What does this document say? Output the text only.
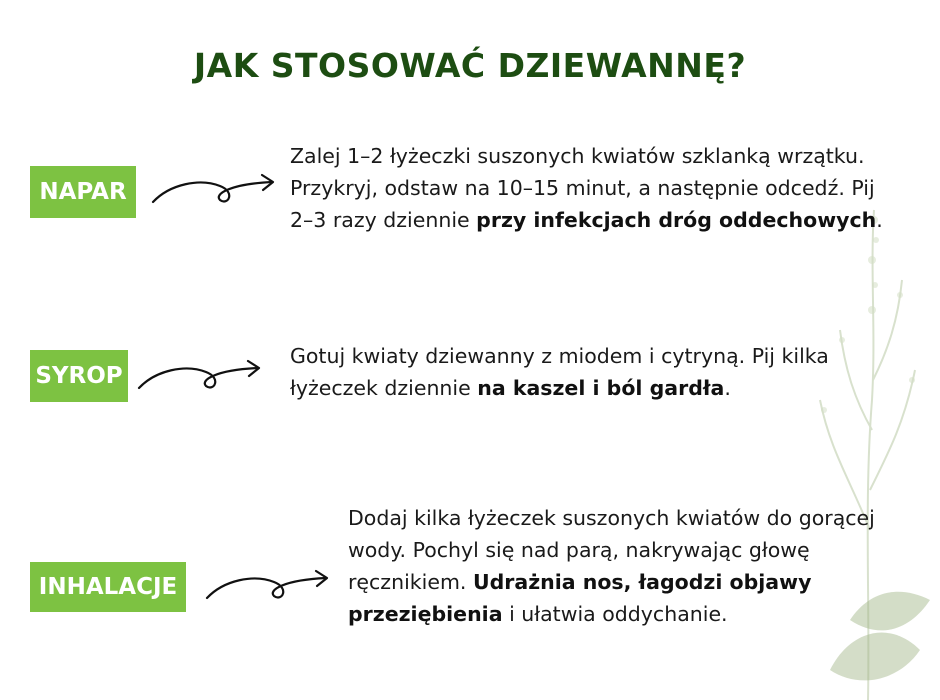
JAK STOSOWAĆ DZIEWANNĘ?
NAPAR
Zalej 1–2 łyżeczki suszonych kwiatów szklanką wrzątku. Przykryj, odstaw na 10–15 minut, a następnie odcedź. Pij 2–3 razy dziennie przy infekcjach dróg oddechowych.
SYROP
Gotuj kwiaty dziewanny z miodem i cytryną. Pij kilka łyżeczek dziennie na kaszel i ból gardła.
INHALACJE
Dodaj kilka łyżeczek suszonych kwiatów do gorącej wody. Pochyl się nad parą, nakrywając głowę ręcznikiem. Udrażnia nos, łagodzi objawy przeziębienia i ułatwia oddychanie.
